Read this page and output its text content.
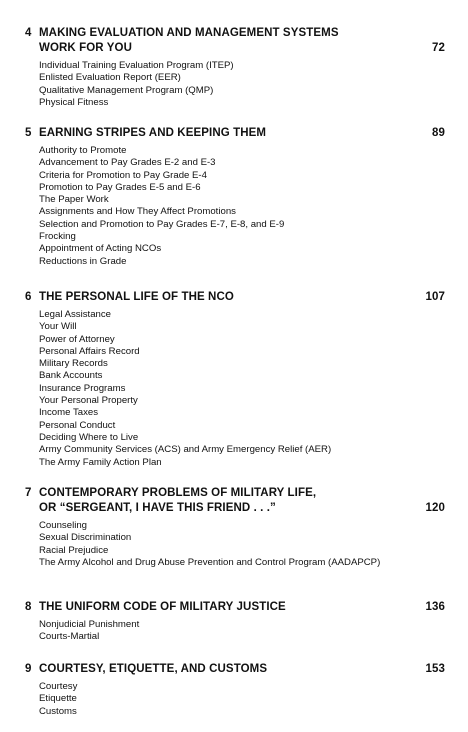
4 MAKING EVALUATION AND MANAGEMENT SYSTEMS
WORK FOR YOU	72
Individual Training Evaluation Program (ITEP)
Enlisted Evaluation Report (EER)
Qualitative Management Program (QMP)
Physical Fitness
5 EARNING STRIPES AND KEEPING THEM	89
Authority to Promote
Advancement to Pay Grades E-2 and E-3
Criteria for Promotion to Pay Grade E-4
Promotion to Pay Grades E-5 and E-6
The Paper Work
Assignments and How They Affect Promotions
Selection and Promotion to Pay Grades E-7, E-8, and E-9
Frocking
Appointment of Acting NCOs
Reductions in Grade
6 THE PERSONAL LIFE OF THE NCO	107
Legal Assistance
Your Will
Power of Attorney
Personal Affairs Record
Military Records
Bank Accounts
Insurance Programs
Your Personal Property
Income Taxes
Personal Conduct
Deciding Where to Live
Army Community Services (ACS) and Army Emergency Relief (AER)
The Army Family Action Plan
7 CONTEMPORARY PROBLEMS OF MILITARY LIFE,
OR “SERGEANT, I HAVE THIS FRIEND . . .”	120
Counseling
Sexual Discrimination
Racial Prejudice
The Army Alcohol and Drug Abuse Prevention and Control Program (AADAPCP)
8 THE UNIFORM CODE OF MILITARY JUSTICE	136
Nonjudicial Punishment
Courts-Martial
9 COURTESY, ETIQUETTE, AND CUSTOMS	153
Courtesy
Etiquette
Customs
